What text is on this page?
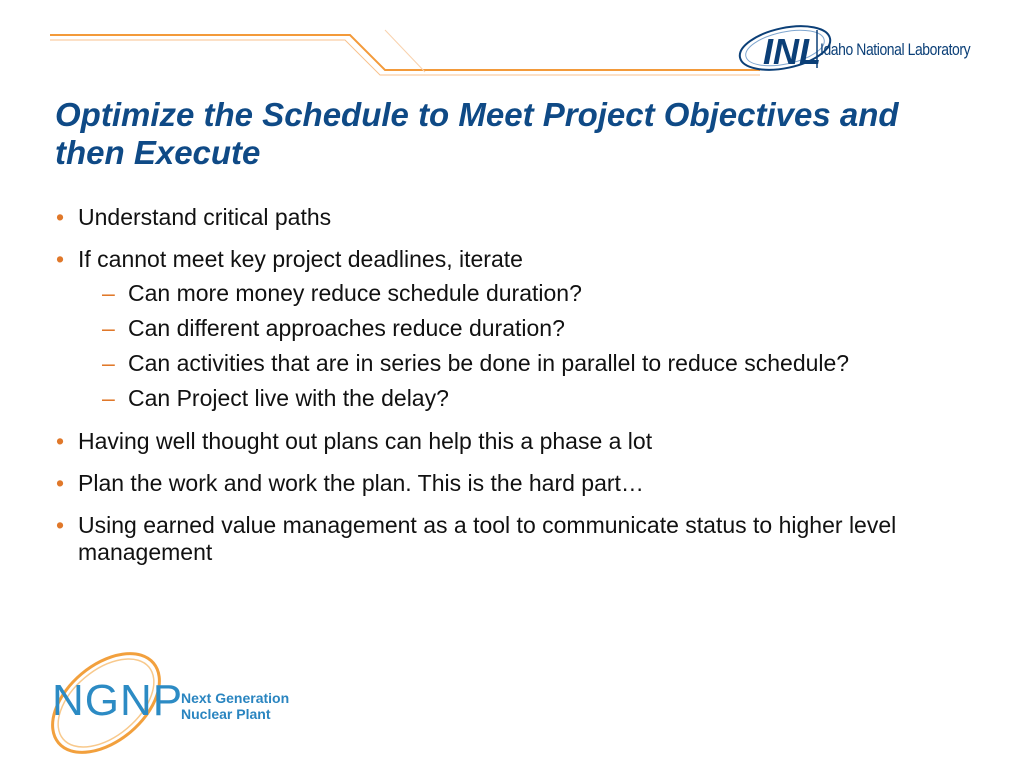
INL Idaho National Laboratory
Optimize the Schedule to Meet Project Objectives and then Execute
• Understand critical paths
• If cannot meet key project deadlines, iterate
– Can more money reduce schedule duration?
– Can different approaches reduce duration?
– Can activities that are in series be done in parallel to reduce schedule?
– Can Project live with the delay?
• Having well thought out plans can help this a phase a lot
• Plan the work and work the plan. This is the hard part…
• Using earned value management as a tool to communicate status to higher level management
NGNP
Next Generation
Nuclear Plant
